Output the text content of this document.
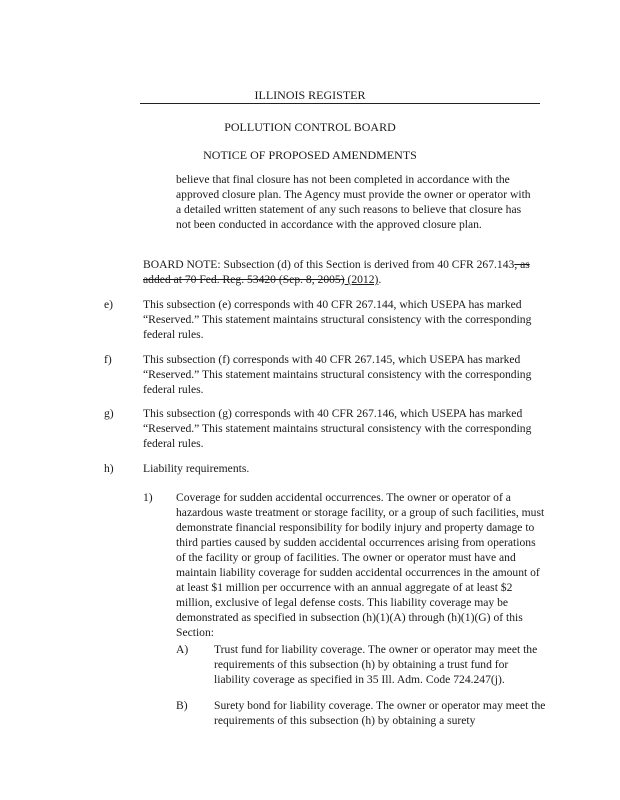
ILLINOIS REGISTER
POLLUTION CONTROL BOARD
NOTICE OF PROPOSED AMENDMENTS
believe that final closure has not been completed in accordance with the approved closure plan. The Agency must provide the owner or operator with a detailed written statement of any such reasons to believe that closure has not been conducted in accordance with the approved closure plan.
BOARD NOTE: Subsection (d) of this Section is derived from 40 CFR 267.143, as added at 70 Fed. Reg. 53420 (Sep. 8, 2005) (2012).
e)	This subsection (e) corresponds with 40 CFR 267.144, which USEPA has marked “Reserved.” This statement maintains structural consistency with the corresponding federal rules.
f)	This subsection (f) corresponds with 40 CFR 267.145, which USEPA has marked “Reserved.” This statement maintains structural consistency with the corresponding federal rules.
g)	This subsection (g) corresponds with 40 CFR 267.146, which USEPA has marked “Reserved.” This statement maintains structural consistency with the corresponding federal rules.
h)	Liability requirements.
1) Coverage for sudden accidental occurrences. The owner or operator of a hazardous waste treatment or storage facility, or a group of such facilities, must demonstrate financial responsibility for bodily injury and property damage to third parties caused by sudden accidental occurrences arising from operations of the facility or group of facilities. The owner or operator must have and maintain liability coverage for sudden accidental occurrences in the amount of at least $1 million per occurrence with an annual aggregate of at least $2 million, exclusive of legal defense costs. This liability coverage may be demonstrated as specified in subsection (h)(1)(A) through (h)(1)(G) of this Section:
A) Trust fund for liability coverage. The owner or operator may meet the requirements of this subsection (h) by obtaining a trust fund for liability coverage as specified in 35 Ill. Adm. Code 724.247(j).
B) Surety bond for liability coverage. The owner or operator may meet the requirements of this subsection (h) by obtaining a surety
